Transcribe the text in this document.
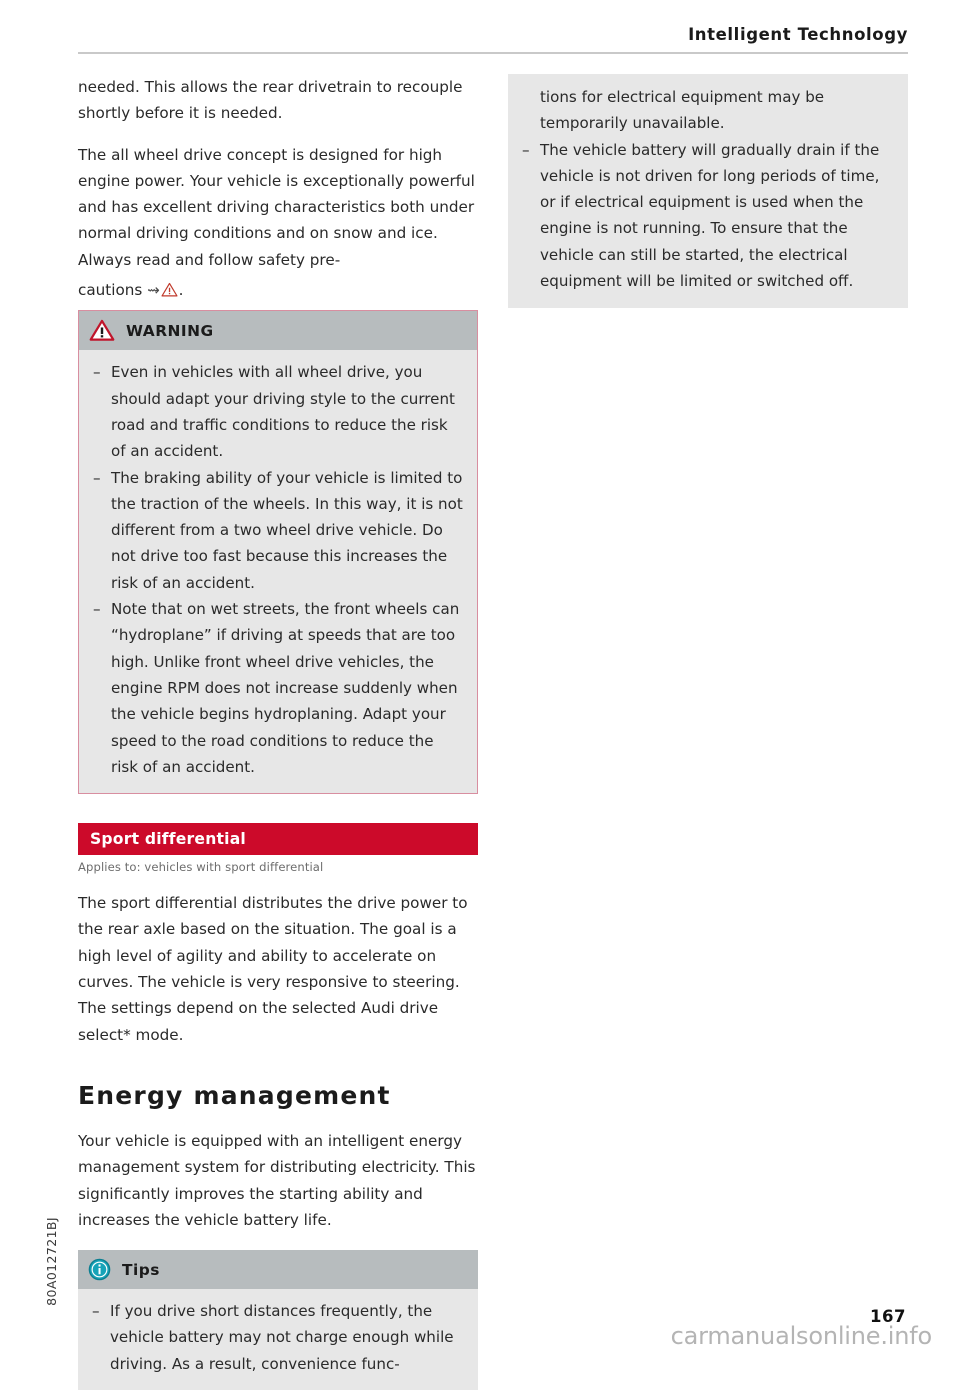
Intelligent Technology

needed. This allows the rear drivetrain to recouple shortly before it is needed.

The all wheel drive concept is designed for high engine power. Your vehicle is exceptionally powerful and has excellent driving characteristics both under normal driving conditions and on snow and ice. Always read and follow safety pre-

cautions ⇝ .

WARNING
– Even in vehicles with all wheel drive, you should adapt your driving style to the current road and traffic conditions to reduce the risk of an accident.
– The braking ability of your vehicle is limited to the traction of the wheels. In this way, it is not different from a two wheel drive vehicle. Do not drive too fast because this increases the risk of an accident.
– Note that on wet streets, the front wheels can “hydroplane” if driving at speeds that are too high. Unlike front wheel drive vehicles, the engine RPM does not increase suddenly when the vehicle begins hydroplaning. Adapt your speed to the road conditions to reduce the risk of an accident.
Sport differential
Applies to: vehicles with sport differential

The sport differential distributes the drive power to the rear axle based on the situation. The goal is a high level of agility and ability to accelerate on curves. The vehicle is very responsive to steering. The settings depend on the selected Audi drive select* mode.

Energy management

Your vehicle is equipped with an intelligent energy management system for distributing electricity. This significantly improves the starting ability and increases the vehicle battery life.

Tips
– If you drive short distances frequently, the vehicle battery may not charge enough while driving. As a result, convenience func-

tions for electrical equipment may be temporarily unavailable.

– The vehicle battery will gradually drain if the vehicle is not driven for long periods of time, or if electrical equipment is used when the engine is not running. To ensure that the vehicle can still be started, the electrical equipment will be limited or switched off.
80A012721BJ
167
carmanualsonline.info
